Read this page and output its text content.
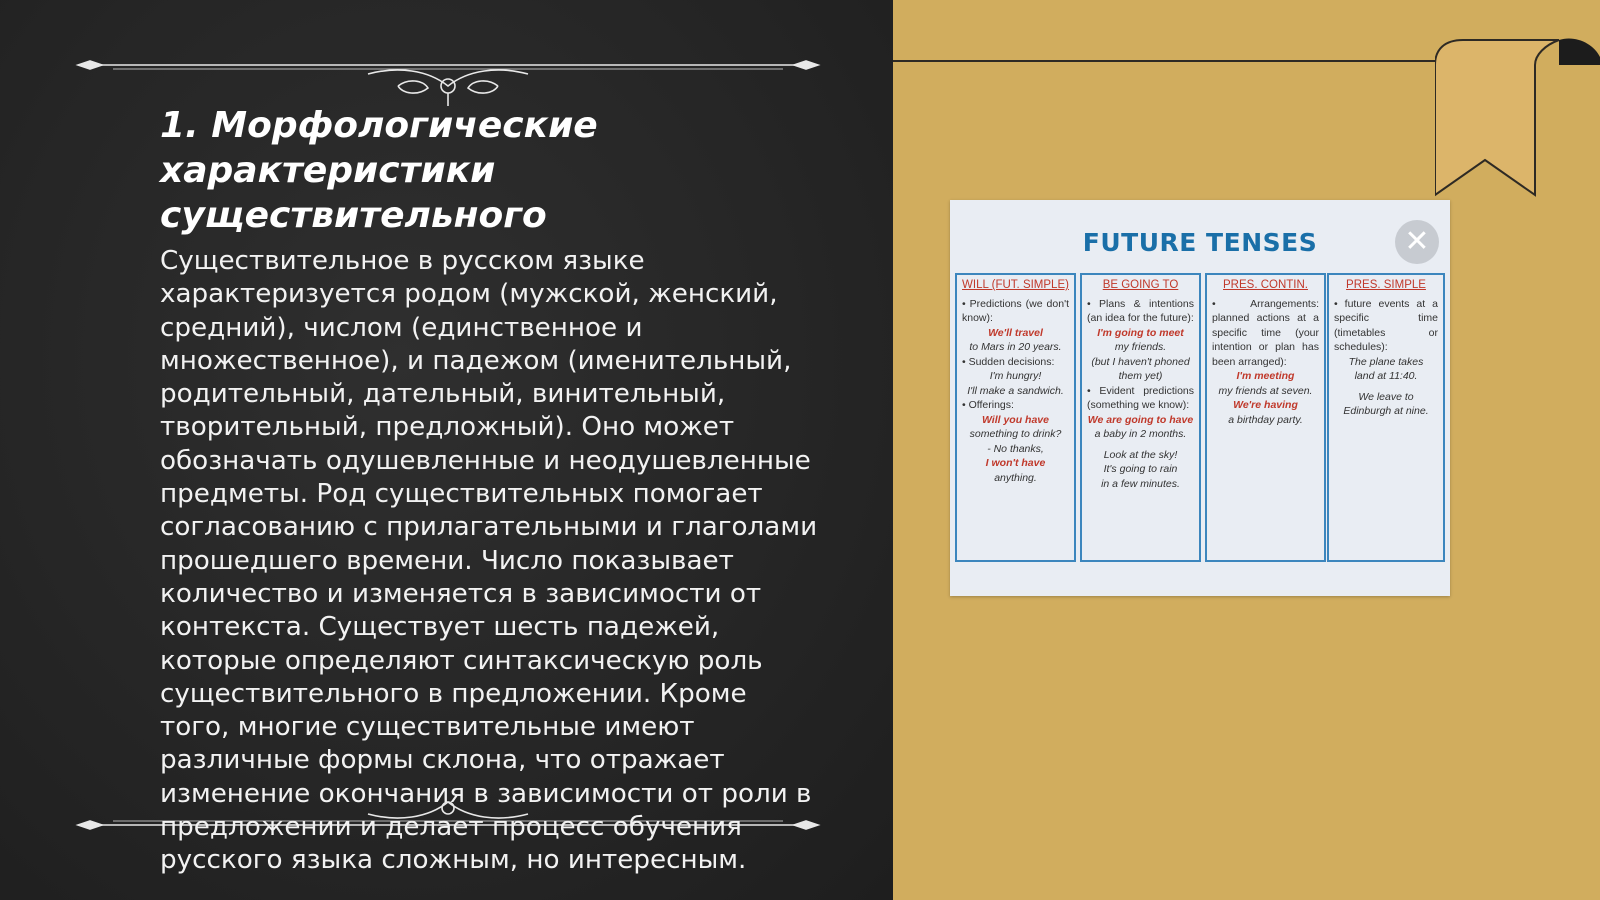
1. Морфологические
характеристики
существительного
Существительное в русском языке характеризуется родом (мужской, женский, средний), числом (единственное и множественное), и падежом (именительный, родительный, дательный, винительный, творительный, предложный). Оно может обозначать одушевленные и неодушевленные предметы. Род существительных помогает согласованию с прилагательными и глаголами прошедшего времени. Число показывает количество и изменяется в зависимости от контекста. Существует шесть падежей, которые определяют синтаксическую роль существительного в предложении. Кроме того, многие существительные имеют различные формы склона, что отражает изменение окончания в зависимости от роли в предложении и делает процесс обучения русского языка сложным, но интересным.
FUTURE TENSES	✕
WILL (FUT. SIMPLE)
• Predictions (we don't know):
We'll travel
to Mars in 20 years.
• Sudden decisions:
I'm hungry!
I'll make a sandwich.
• Offerings:
Will you have
something to drink?
- No thanks,
I won't have
anything.
BE GOING TO
• Plans & intentions (an idea for the future):
I'm going to meet
my friends.
(but I haven't phoned them yet)
• Evident predictions (something we know):
We are going to have
a baby in 2 months.
Look at the sky!
It's going to rain
in a few minutes.
PRES. CONTIN.
• Arrangements: planned actions at a specific time (your intention or plan has been arranged):
I'm meeting
my friends at seven.
We're having
a birthday party.
PRES. SIMPLE
• future events at a specific time (timetables or schedules):
The plane takes
land at 11:40.
We leave to
Edinburgh at nine.
